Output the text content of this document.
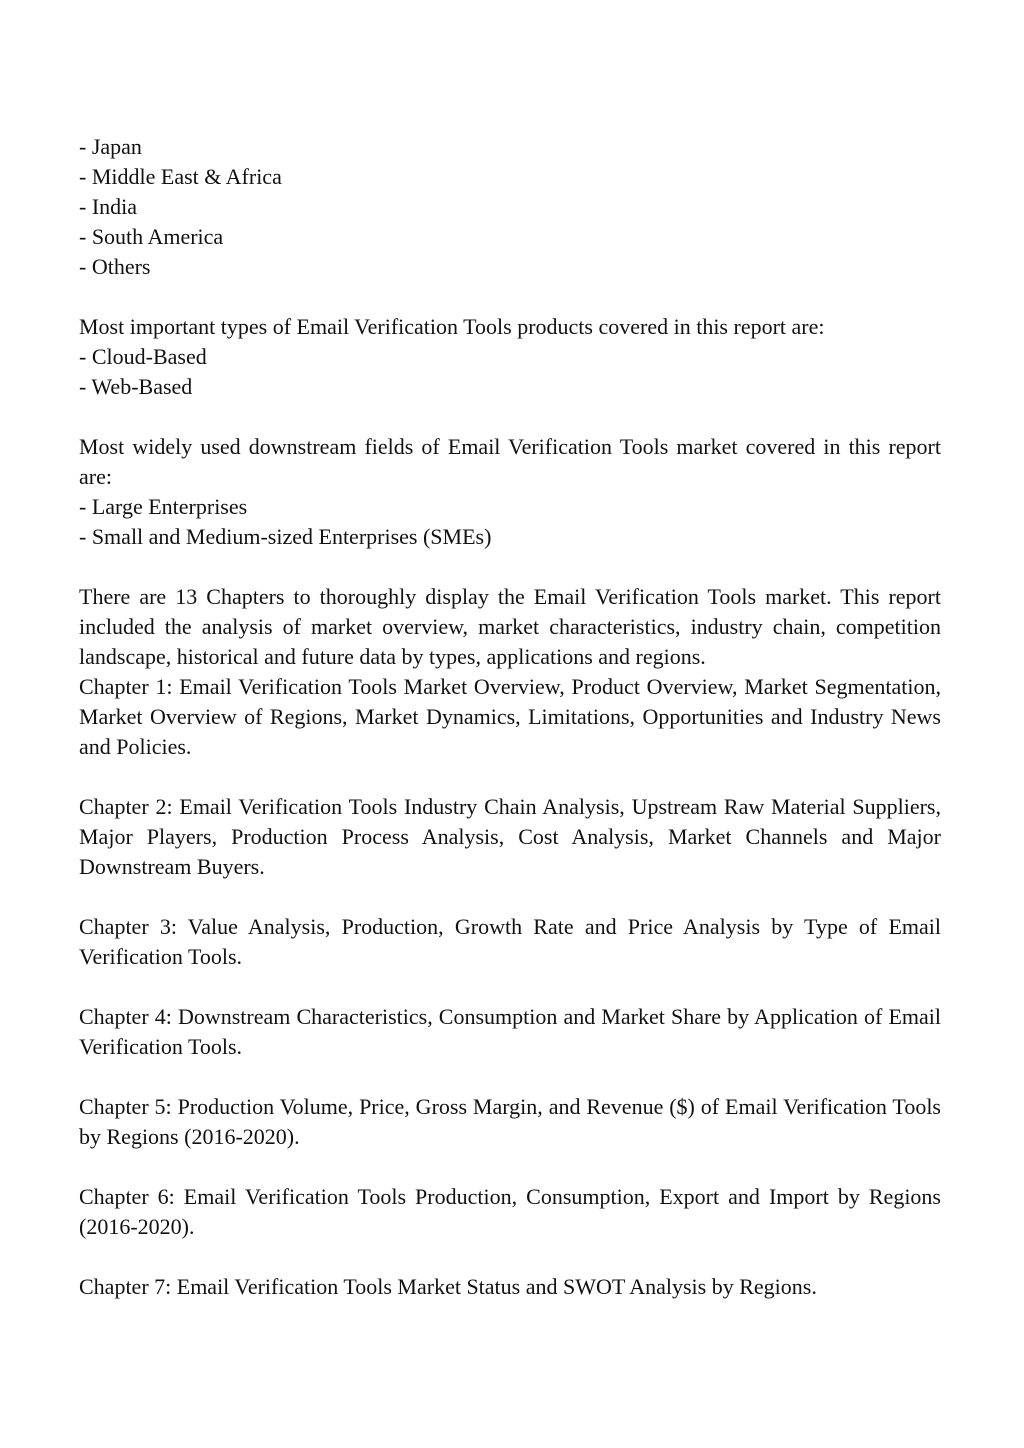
- Japan
- Middle East & Africa
- India
- South America
- Others
Most important types of Email Verification Tools products covered in this report are:
- Cloud-Based
- Web-Based
Most widely used downstream fields of Email Verification Tools market covered in this report are:
- Large Enterprises
- Small and Medium-sized Enterprises (SMEs)
There are 13 Chapters to thoroughly display the Email Verification Tools market. This report included the analysis of market overview, market characteristics, industry chain, competition landscape, historical and future data by types, applications and regions.
Chapter 1: Email Verification Tools Market Overview, Product Overview, Market Segmentation, Market Overview of Regions, Market Dynamics, Limitations, Opportunities and Industry News and Policies.
Chapter 2: Email Verification Tools Industry Chain Analysis, Upstream Raw Material Suppliers, Major Players, Production Process Analysis, Cost Analysis, Market Channels and Major Downstream Buyers.
Chapter 3: Value Analysis, Production, Growth Rate and Price Analysis by Type of Email Verification Tools.
Chapter 4: Downstream Characteristics, Consumption and Market Share by Application of Email Verification Tools.
Chapter 5: Production Volume, Price, Gross Margin, and Revenue ($) of Email Verification Tools by Regions (2016-2020).
Chapter 6: Email Verification Tools Production, Consumption, Export and Import by Regions (2016-2020).
Chapter 7: Email Verification Tools Market Status and SWOT Analysis by Regions.
